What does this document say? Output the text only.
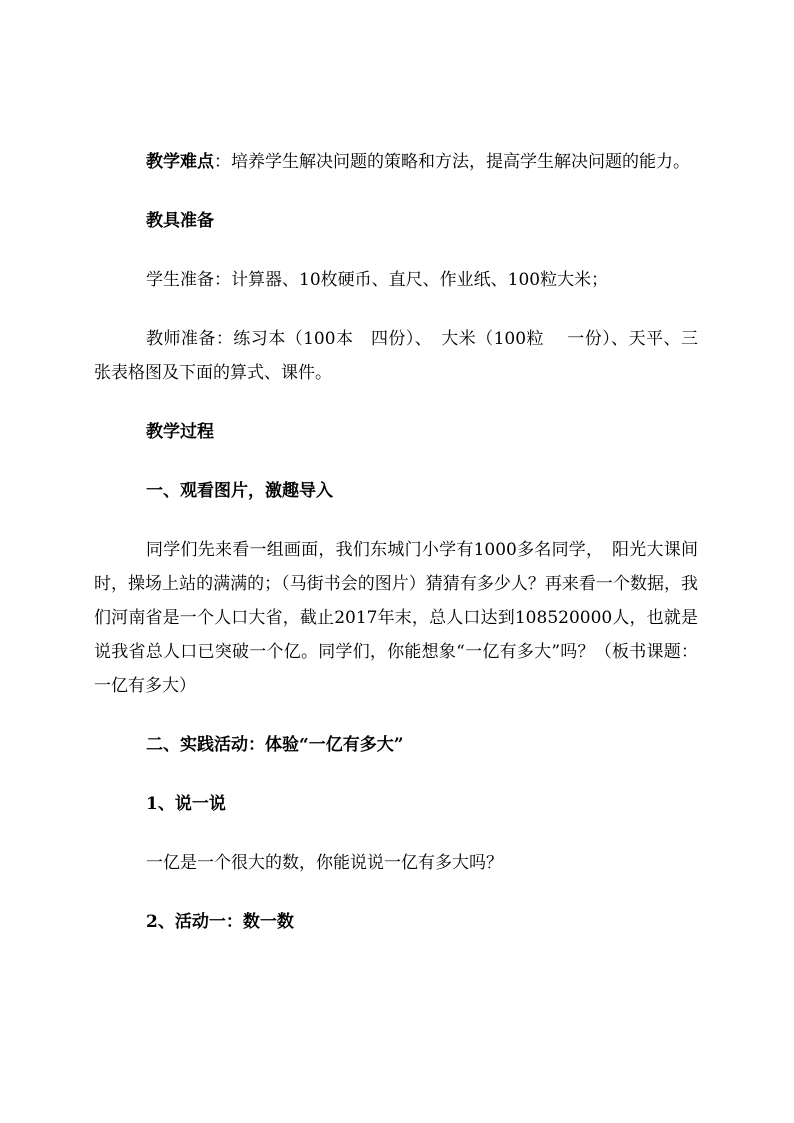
教学难点：培养学生解决问题的策略和方法，提高学生解决问题的能力。

教具准备

学生准备：计算器、10枚硬币、直尺、作业纸、100粒大米；

教师准备：练习本（100本　四份）、　大米（100粒　 一份）、天平、三张表格图及下面的算式、课件。

教学过程

一、观看图片，激趣导入

同学们先来看一组画面，我们东城门小学有1000多名同学，　阳光大课间时，操场上站的满满的；（马街书会的图片）猜猜有多少人？再来看一个数据，我们河南省是一个人口大省，截止2017年末，总人口达到108520000人，也就是说我省总人口已突破一个亿。同学们，你能想象“一亿有多大”吗？（板书课题：一亿有多大）

二、实践活动：体验“一亿有多大”

1、说一说

一亿是一个很大的数，你能说说一亿有多大吗？

2、活动一：数一数
